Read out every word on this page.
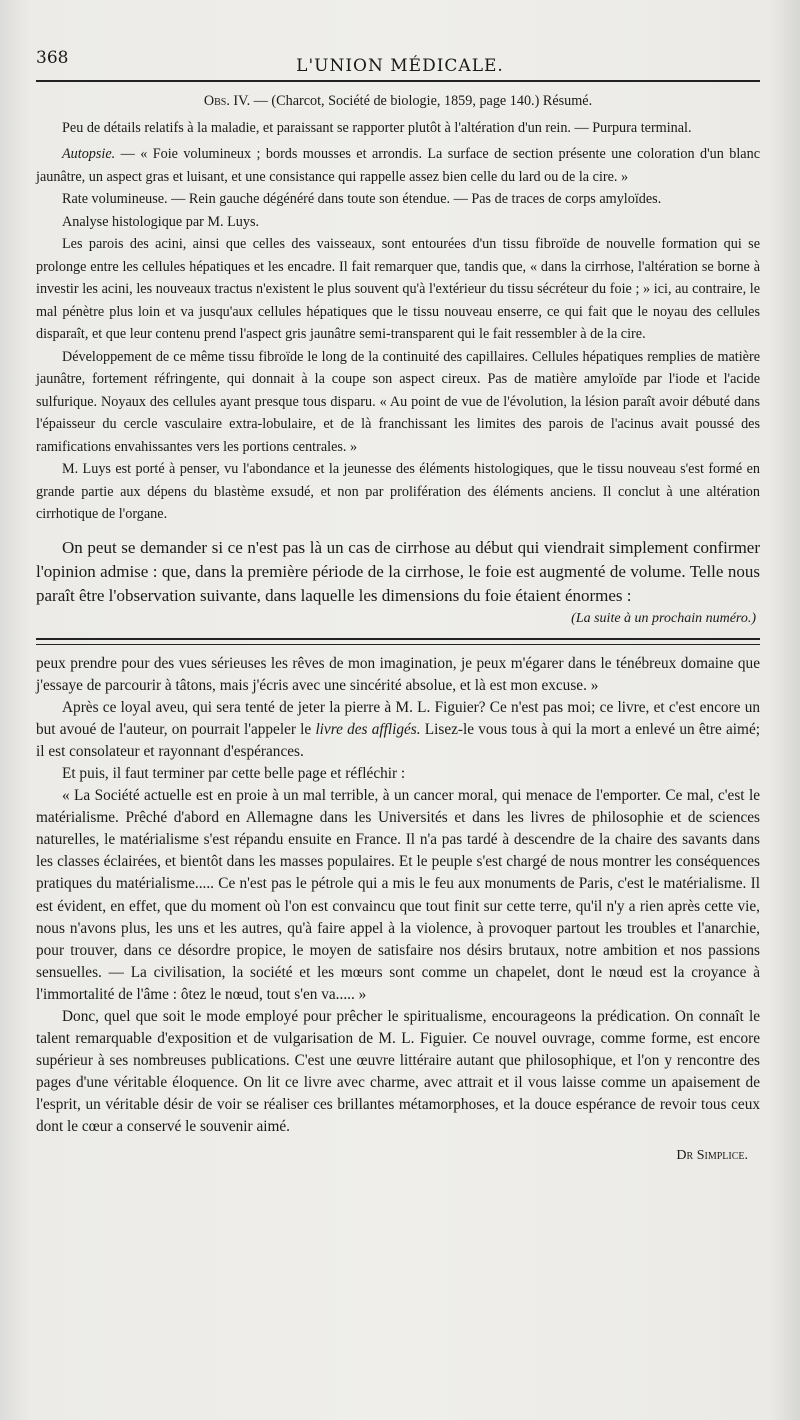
368	L'UNION MÉDICALE.

Obs. IV. — (Charcot, Société de biologie, 1859, page 140.) Résumé.

Peu de détails relatifs à la maladie, et paraissant se rapporter plutôt à l'altération d'un rein. — Purpura terminal.

Autopsie. — « Foie volumineux ; bords mousses et arrondis. La surface de section présente une coloration d'un blanc jaunâtre, un aspect gras et luisant, et une consistance qui rappelle assez bien celle du lard ou de la cire. »

Rate volumineuse. — Rein gauche dégénéré dans toute son étendue. — Pas de traces de corps amyloïdes.

Analyse histologique par M. Luys.

Les parois des acini, ainsi que celles des vaisseaux, sont entourées d'un tissu fibroïde de nouvelle formation qui se prolonge entre les cellules hépatiques et les encadre. Il fait remarquer que, tandis que, « dans la cirrhose, l'altération se borne à investir les acini, les nouveaux tractus n'existent le plus souvent qu'à l'extérieur du tissu sécréteur du foie ; » ici, au contraire, le mal pénètre plus loin et va jusqu'aux cellules hépatiques que le tissu nouveau enserre, ce qui fait que le noyau des cellules disparaît, et que leur contenu prend l'aspect gris jaunâtre semi-transparent qui le fait ressembler à de la cire.

Développement de ce même tissu fibroïde le long de la continuité des capillaires. Cellules hépatiques remplies de matière jaunâtre, fortement réfringente, qui donnait à la coupe son aspect cireux. Pas de matière amyloïde par l'iode et l'acide sulfurique. Noyaux des cellules ayant presque tous disparu. « Au point de vue de l'évolution, la lésion paraît avoir débuté dans l'épaisseur du cercle vasculaire extra-lobulaire, et de là franchissant les limites des parois de l'acinus avait poussé des ramifications envahissantes vers les portions centrales. »

M. Luys est porté à penser, vu l'abondance et la jeunesse des éléments histologiques, que le tissu nouveau s'est formé en grande partie aux dépens du blastème exsudé, et non par prolifération des éléments anciens. Il conclut à une altération cirrhotique de l'organe.

On peut se demander si ce n'est pas là un cas de cirrhose au début qui viendrait simplement confirmer l'opinion admise : que, dans la première période de la cirrhose, le foie est augmenté de volume. Telle nous paraît être l'observation suivante, dans laquelle les dimensions du foie étaient énormes :

(La suite à un prochain numéro.)

peux prendre pour des vues sérieuses les rêves de mon imagination, je peux m'égarer dans le ténébreux domaine que j'essaye de parcourir à tâtons, mais j'écris avec une sincérité absolue, et là est mon excuse. »

Après ce loyal aveu, qui sera tenté de jeter la pierre à M. L. Figuier? Ce n'est pas moi; ce livre, et c'est encore un but avoué de l'auteur, on pourrait l'appeler le livre des affligés. Lisez-le vous tous à qui la mort a enlevé un être aimé; il est consolateur et rayonnant d'espérances.

Et puis, il faut terminer par cette belle page et réfléchir :

« La Société actuelle est en proie à un mal terrible, à un cancer moral, qui menace de l'emporter. Ce mal, c'est le matérialisme. Prêché d'abord en Allemagne dans les Universités et dans les livres de philosophie et de sciences naturelles, le matérialisme s'est répandu ensuite en France. Il n'a pas tardé à descendre de la chaire des savants dans les classes éclairées, et bientôt dans les masses populaires. Et le peuple s'est chargé de nous montrer les conséquences pratiques du matérialisme..... Ce n'est pas le pétrole qui a mis le feu aux monuments de Paris, c'est le matérialisme. Il est évident, en effet, que du moment où l'on est convaincu que tout finit sur cette terre, qu'il n'y a rien après cette vie, nous n'avons plus, les uns et les autres, qu'à faire appel à la violence, à provoquer partout les troubles et l'anarchie, pour trouver, dans ce désordre propice, le moyen de satisfaire nos désirs brutaux, notre ambition et nos passions sensuelles. — La civilisation, la société et les mœurs sont comme un chapelet, dont le nœud est la croyance à l'immortalité de l'âme : ôtez le nœud, tout s'en va..... »

Donc, quel que soit le mode employé pour prêcher le spiritualisme, encourageons la prédication. On connaît le talent remarquable d'exposition et de vulgarisation de M. L. Figuier. Ce nouvel ouvrage, comme forme, est encore supérieur à ses nombreuses publications. C'est une œuvre littéraire autant que philosophique, et l'on y rencontre des pages d'une véritable éloquence. On lit ce livre avec charme, avec attrait et il vous laisse comme un apaisement de l'esprit, un véritable désir de voir se réaliser ces brillantes métamorphoses, et la douce espérance de revoir tous ceux dont le cœur a conservé le souvenir aimé.

Dr Simplice.
